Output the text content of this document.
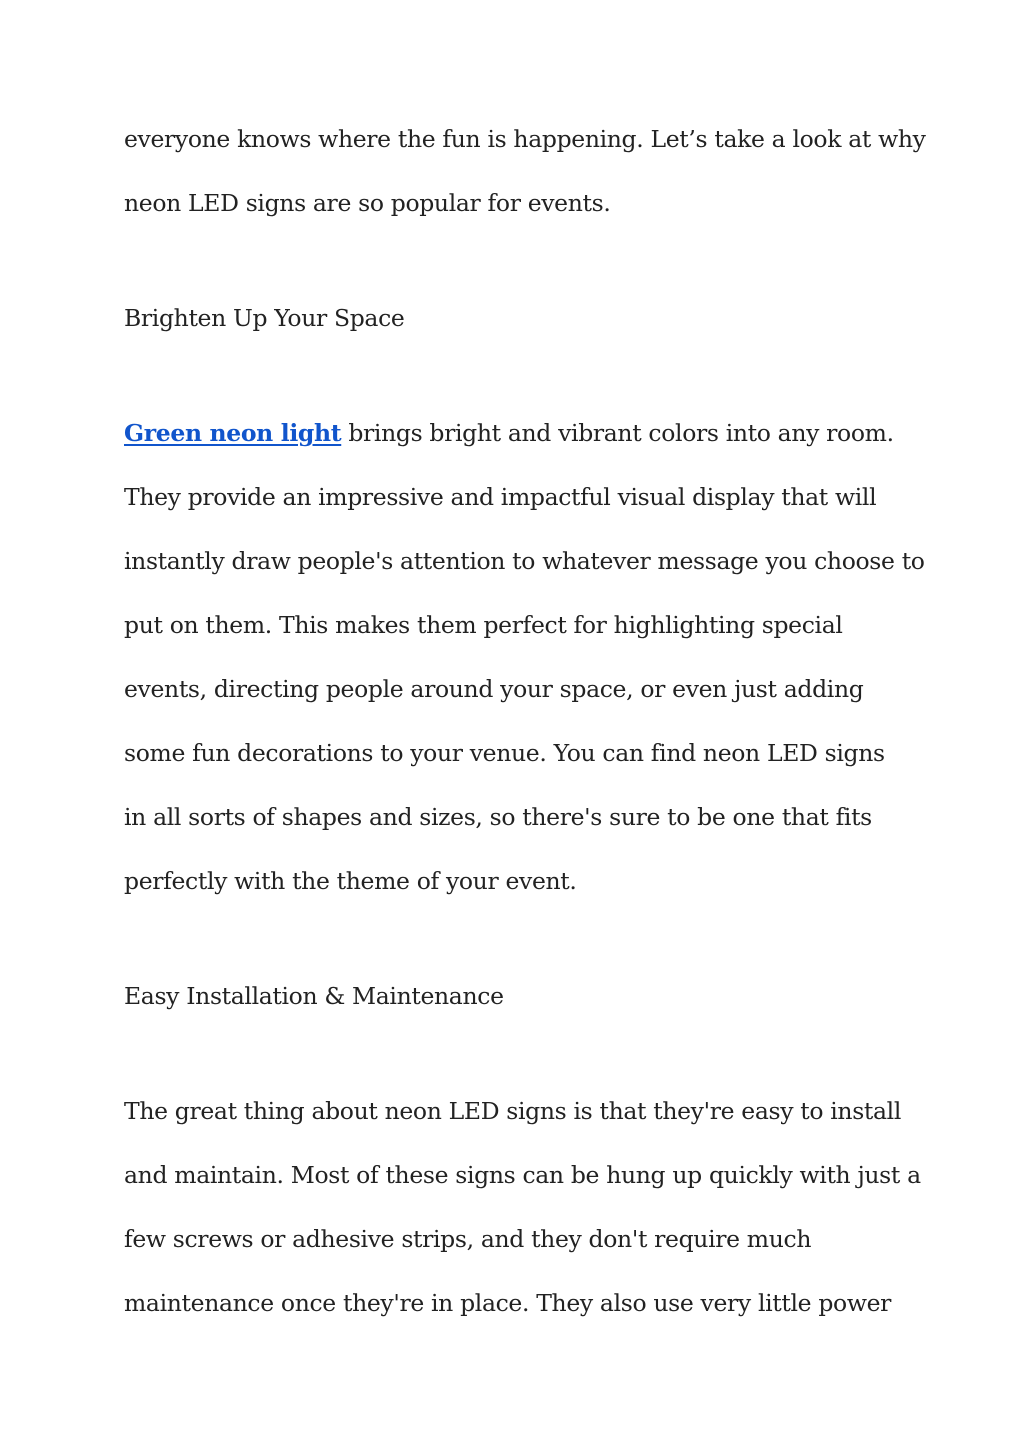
everyone knows where the fun is happening. Let’s take a look at why
neon LED signs are so popular for events.
Brighten Up Your Space
Green neon light brings bright and vibrant colors into any room.
They provide an impressive and impactful visual display that will
instantly draw people's attention to whatever message you choose to
put on them. This makes them perfect for highlighting special
events, directing people around your space, or even just adding
some fun decorations to your venue. You can find neon LED signs
in all sorts of shapes and sizes, so there's sure to be one that fits
perfectly with the theme of your event.
Easy Installation & Maintenance
The great thing about neon LED signs is that they're easy to install
and maintain. Most of these signs can be hung up quickly with just a
few screws or adhesive strips, and they don't require much
maintenance once they're in place. They also use very little power
